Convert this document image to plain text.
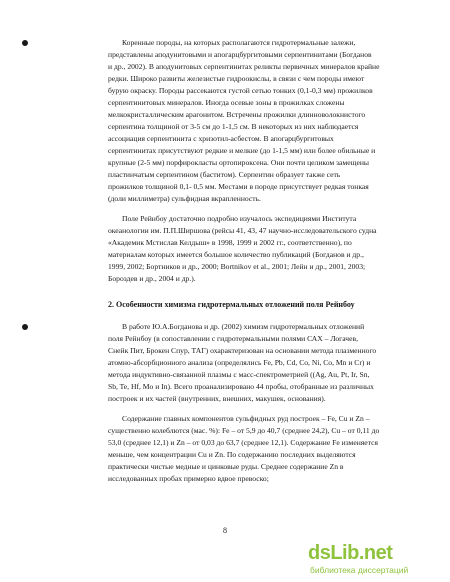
Коренные породы, на которых располагаются гидротермальные залежи,
представлены аподунитовыми и апогарцбургитовыми серпентинитами (Богданов
и др., 2002). В аподунитовых серпентинитах реликты первичных минералов крайне
редки. Широко развиты железистые гидроокислы, в связи с чем породы имеют
бурую окраску. Породы рассекаются густой сетью тонких (0,1-0,3 мм) прожилков
серпентинитовых минералов. Иногда осевые зоны в прожилках сложены
мелкокристаллическим арагонитом. Встречены прожилки длинноволокнистого
серпентина толщиной от 3-5 см до 1-1,5 см. В некоторых из них наблюдается
ассоциация серпентинита с хризотил-асбестом. В апогарцбургитовых
серпентинитах присутствуют редкие и мелкие (до 1-1,5 мм) или более обильные и
крупные (2-5 мм) порфирокласты ортопироксена. Они почти целиком замещены
пластинчатым серпентином (баститом). Серпентин образует также сеть
прожилков толщиной 0,1- 0,5 мм. Местами в породе присутствует редкая тонкая
(доли миллиметра) сульфидная вкрапленность.
Поле Рейнбоу достаточно подробно изучалось экспедициями Института
океанологии им. П.П.Ширшова (рейсы 41, 43, 47 научно-исследовательского судна
«Академик Мстислав Келдыш» в 1998, 1999 и 2002 гг., соответственно), по
материалам которых имеется большое количество публикаций (Богданов и др.,
1999, 2002; Бортников и др., 2000; Bortnikov et al., 2001; Лейн и др., 2001, 2003;
Бороздев и др., 2004 и др.).
2. Особенности химизма гидротермальных отложений поля Рейнбоу
В работе Ю.А.Богданова и др. (2002) химизм гидротермальных отложений
поля Рейнбоу (в сопоставлении с гидротермальными полями САХ – Логачев,
Снейк Пит, Брокен Спур, ТАГ) охарактеризован на основании метода плазменного
атомно-абсорбционного анализа (определялись Fe, Pb, Cd, Co, Ni, Co, Mn и Cr) и
метода индуктивно-связанной плазмы с масс-спектрометрией ((Ag, Au, Pt, Ir, Sn,
Sb, Te, Hf, Mo и In). Всего проанализировано 44 пробы, отобранные из различных
построек и их частей (внутренних, внешних, макушек, основания).
Содержание главных компонентов сульфидных руд построек – Fe, Cu и Zn –
существенно колеблются (мас. %): Fe – от 5,9 до 40,7 (среднее 24,2), Cu – от 0,11 до
53,0 (среднее 12,1) и Zn – от 0,03 до 63,7 (среднее 12,1). Содержание Fe изменяется
меньше, чем концентрации Cu и Zn. По содержанию последних выделяются
практически чистые медные и цинковые руды. Среднее содержание Zn в
исследованных пробах примерно вдвое превоско;
8
dsLib.net
библиотека диссертаций
